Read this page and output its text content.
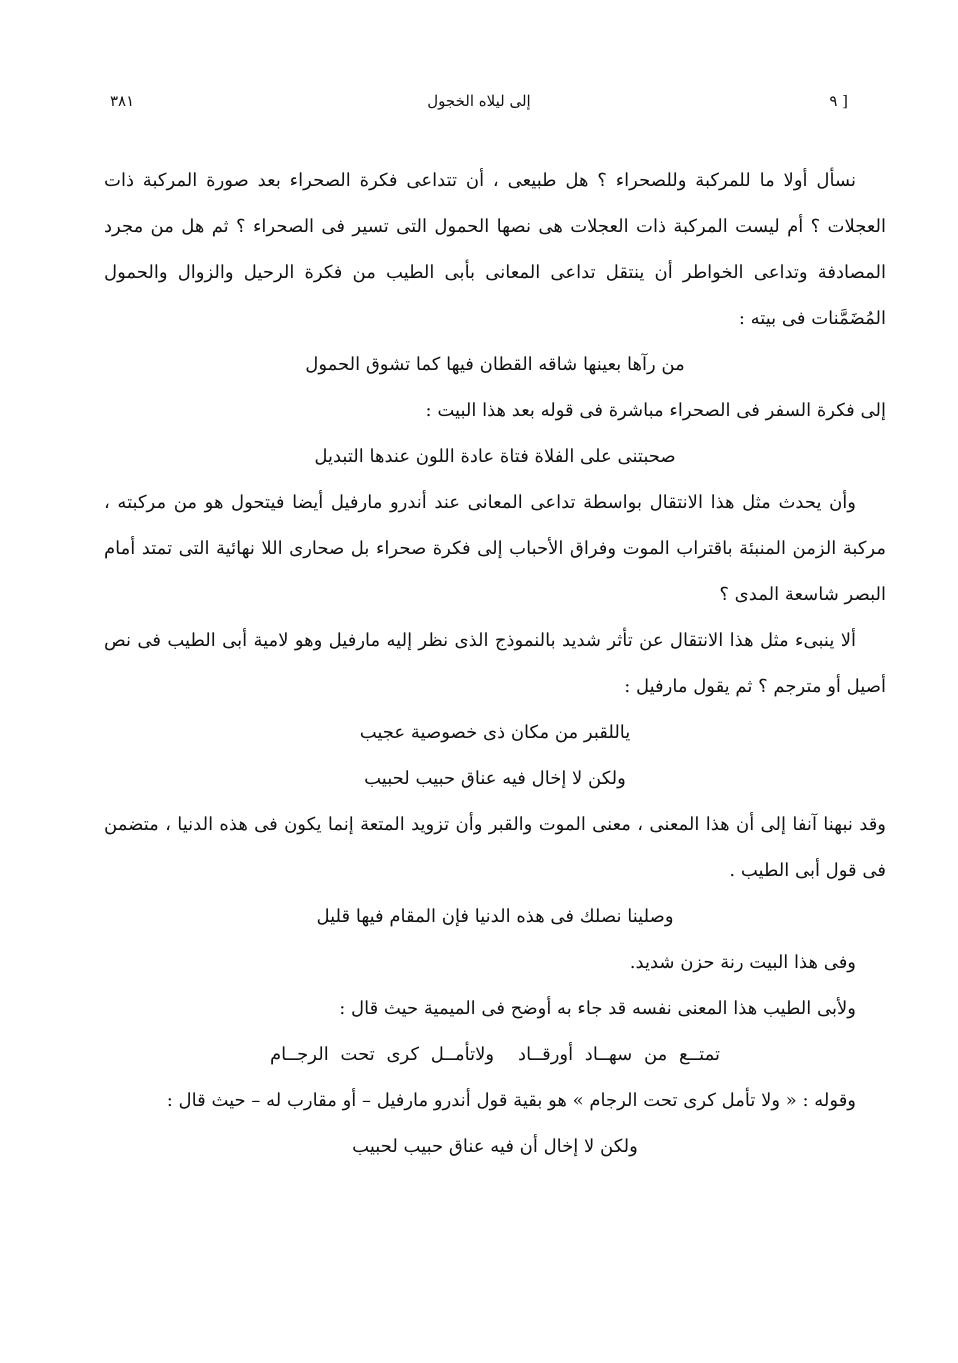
٣٨١	إلى ليلاه الخجول	[ ٩

نسأل أولا ما للمركبة وللصحراء ؟ هل طبيعى ، أن تتداعى فكرة الصحراء بعد صورة المركبة ذات العجلات ؟ أم ليست المركبة ذات العجلات هى نصها الحمول التى تسير فى الصحراء ؟ ثم هل من مجرد المصادفة وتداعى الخواطر أن ينتقل تداعى المعانى بأبى الطيب من فكرة الرحيل والزوال والحمول المُضَمَّنات فى بيته :

من رآها بعينها شاقه القطان فيها كما تشوق الحمول

إلى فكرة السفر فى الصحراء مباشرة فى قوله بعد هذا البيت :

صحبتنى على الفلاة فتاة عادة اللون عندها التبديل

وأن يحدث مثل هذا الانتقال بواسطة تداعى المعانى عند أندرو مارفيل أيضا فيتحول هو من مركبته ، مركبة الزمن المنبئة باقتراب الموت وفراق الأحباب إلى فكرة صحراء بل صحارى اللا نهائية التى تمتد أمام البصر شاسعة المدى ؟

ألا ينبىء مثل هذا الانتقال عن تأثر شديد بالنموذج الذى نظر إليه مارفيل وهو لامية أبى الطيب فى نص أصيل أو مترجم ؟ ثم يقول مارفيل :

ياللقبر من مكان ذى خصوصية عجيب

ولكن لا إخال فيه عناق حبيب لحبيب

وقد نبهنا آنفا إلى أن هذا المعنى ، معنى الموت والقبر وأن تزويد المتعة إنما يكون فى هذه الدنيا ، متضمن فى قول أبى الطيب .

وصلينا نصلك فى هذه الدنيا فإن المقام فيها قليل

وفى هذا البيت رنة حزن شديد.

ولأبى الطيب هذا المعنى نفسه قد جاء به أوضح فى الميمية حيث قال :

تمتــع من سهــاد أورقــادولاتأمــل كرى تحت الرجــام

وقوله : « ولا تأمل كرى تحت الرجام » هو بقية قول أندرو مارفيل – أو مقارب له – حيث قال :

ولكن لا إخال أن فيه عناق حبيب لحبيب
